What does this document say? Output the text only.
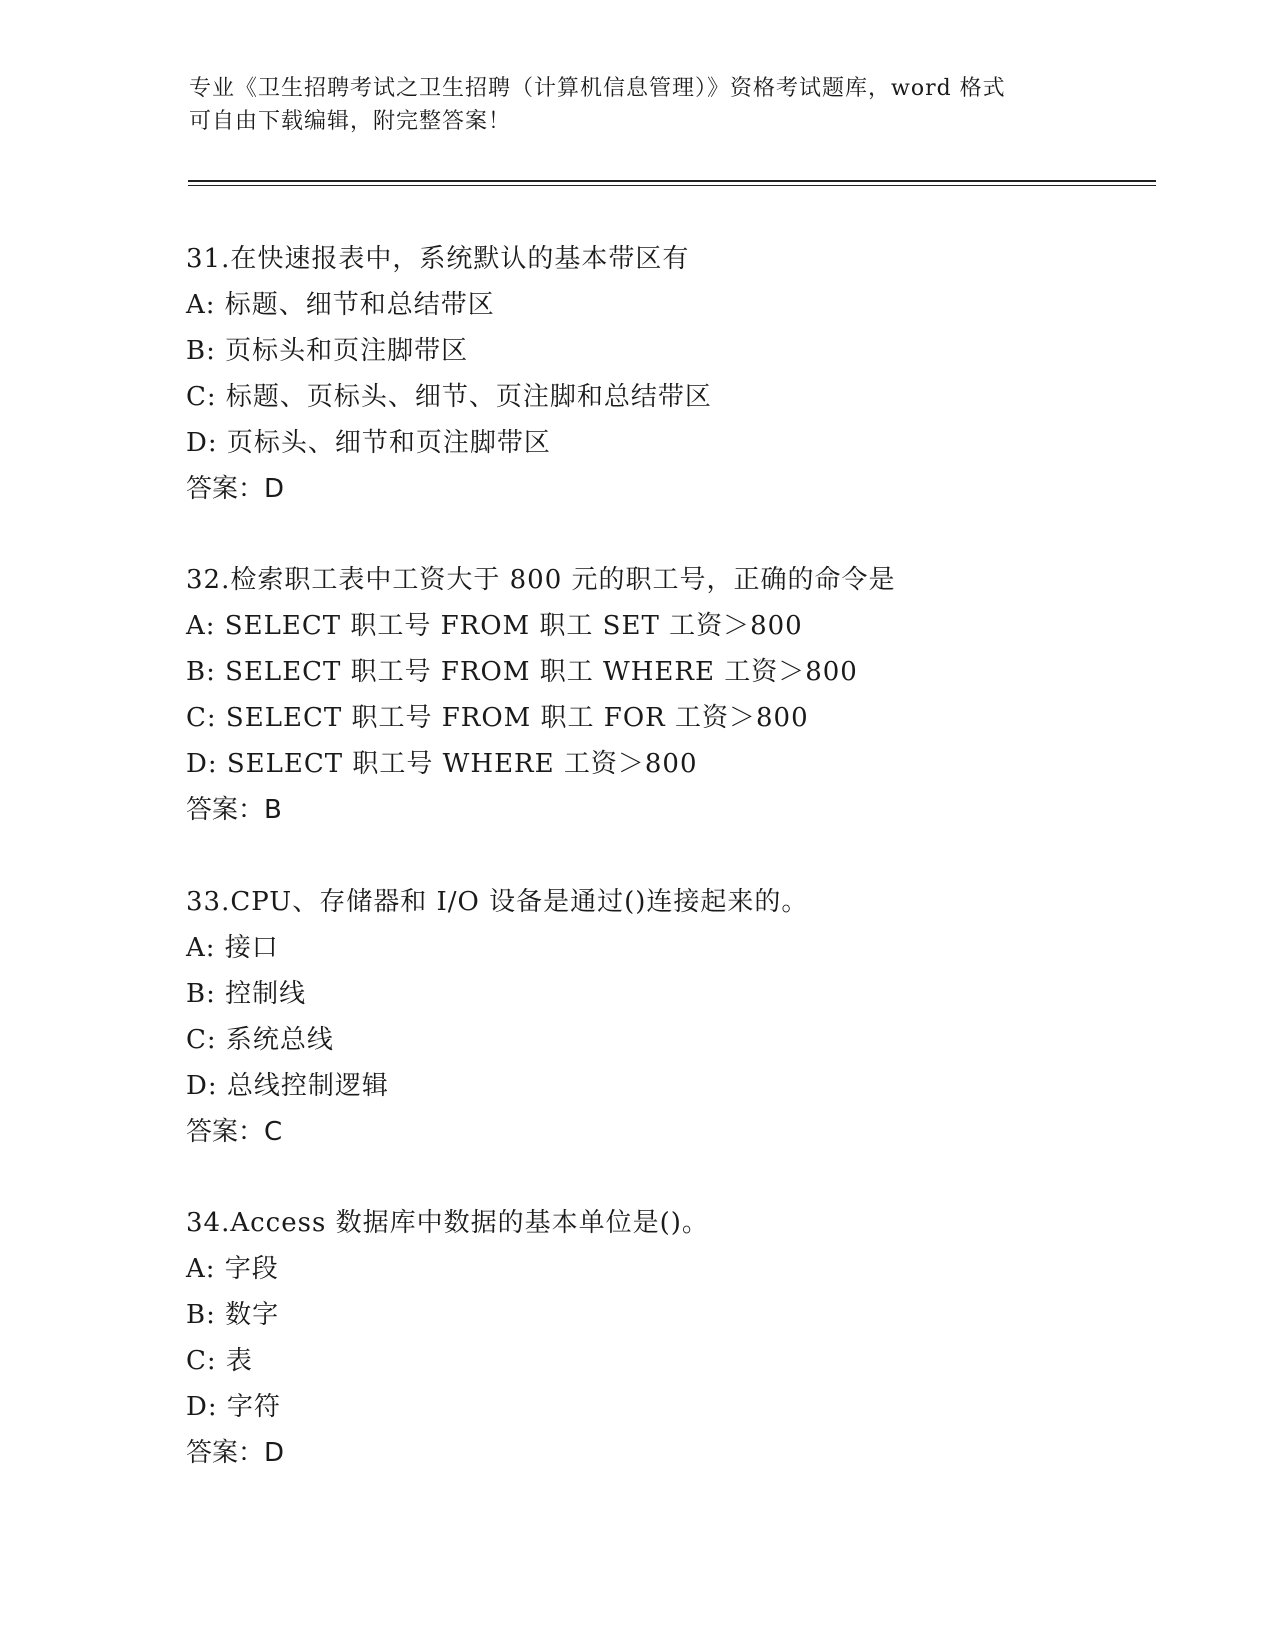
专业《卫生招聘考试之卫生招聘（计算机信息管理）》资格考试题库，word 格式
可自由下载编辑，附完整答案！
31.在快速报表中，系统默认的基本带区有
A: 标题、细节和总结带区
B: 页标头和页注脚带区
C: 标题、页标头、细节、页注脚和总结带区
D: 页标头、细节和页注脚带区
答案：D
32.检索职工表中工资大于 800 元的职工号，正确的命令是
A: SELECT 职工号 FROM 职工 SET 工资＞800
B: SELECT 职工号 FROM 职工 WHERE 工资＞800
C: SELECT 职工号 FROM 职工 FOR 工资＞800
D: SELECT 职工号 WHERE 工资＞800
答案：B
33.CPU、存储器和 I/O 设备是通过()连接起来的。
A: 接口
B: 控制线
C: 系统总线
D: 总线控制逻辑
答案：C
34.Access 数据库中数据的基本单位是()。
A: 字段
B: 数字
C: 表
D: 字符
答案：D
